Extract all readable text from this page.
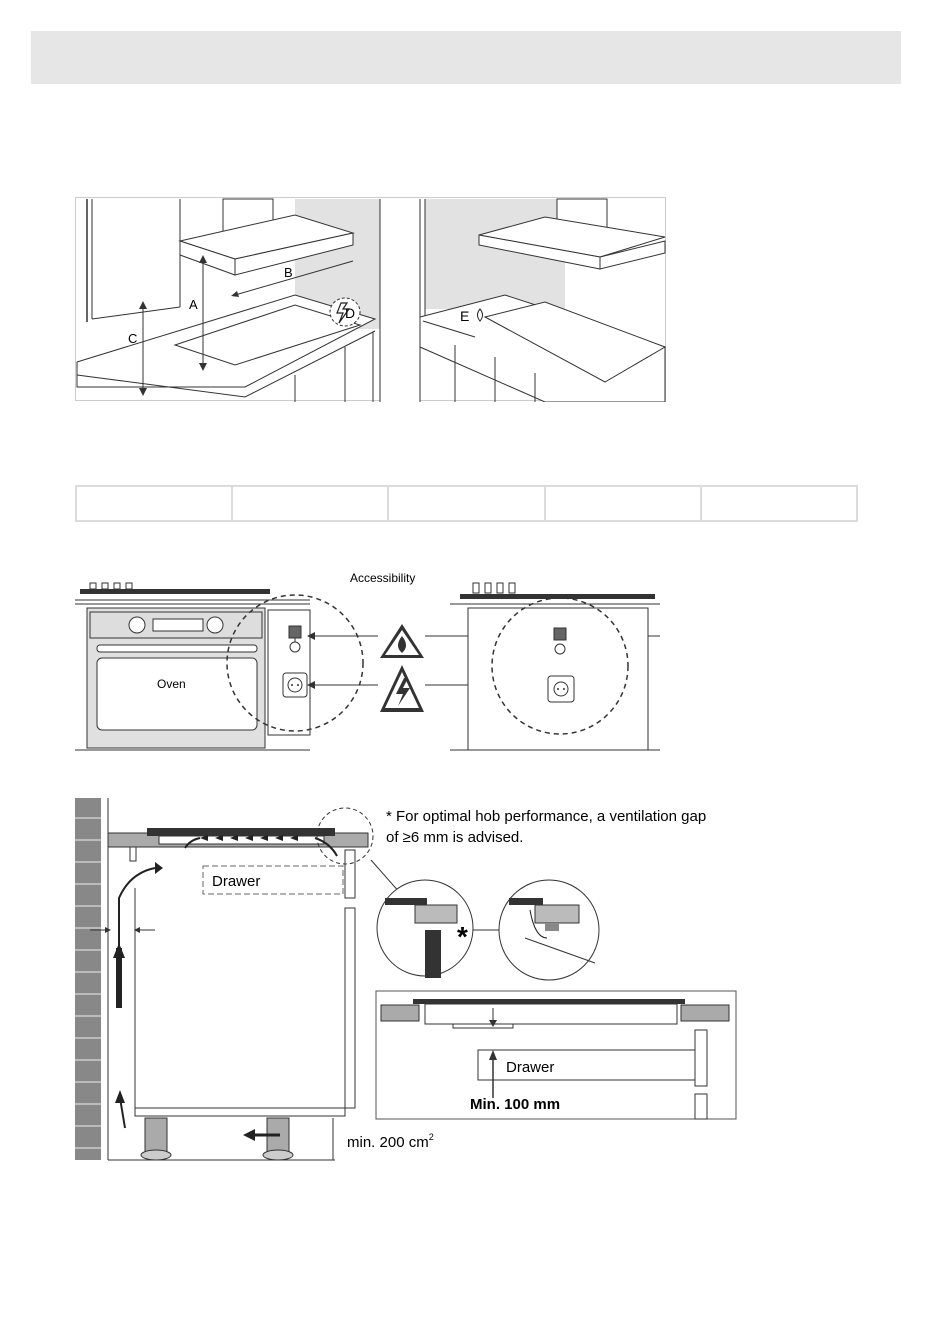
A
B
C
D	E

Accessibility
Oven
*
Drawer
Drawer
Min. 100 mm
* For optimal hob performance, a ventilation gap
of ≥6 mm is advised.
min. 200 $cm^2$
